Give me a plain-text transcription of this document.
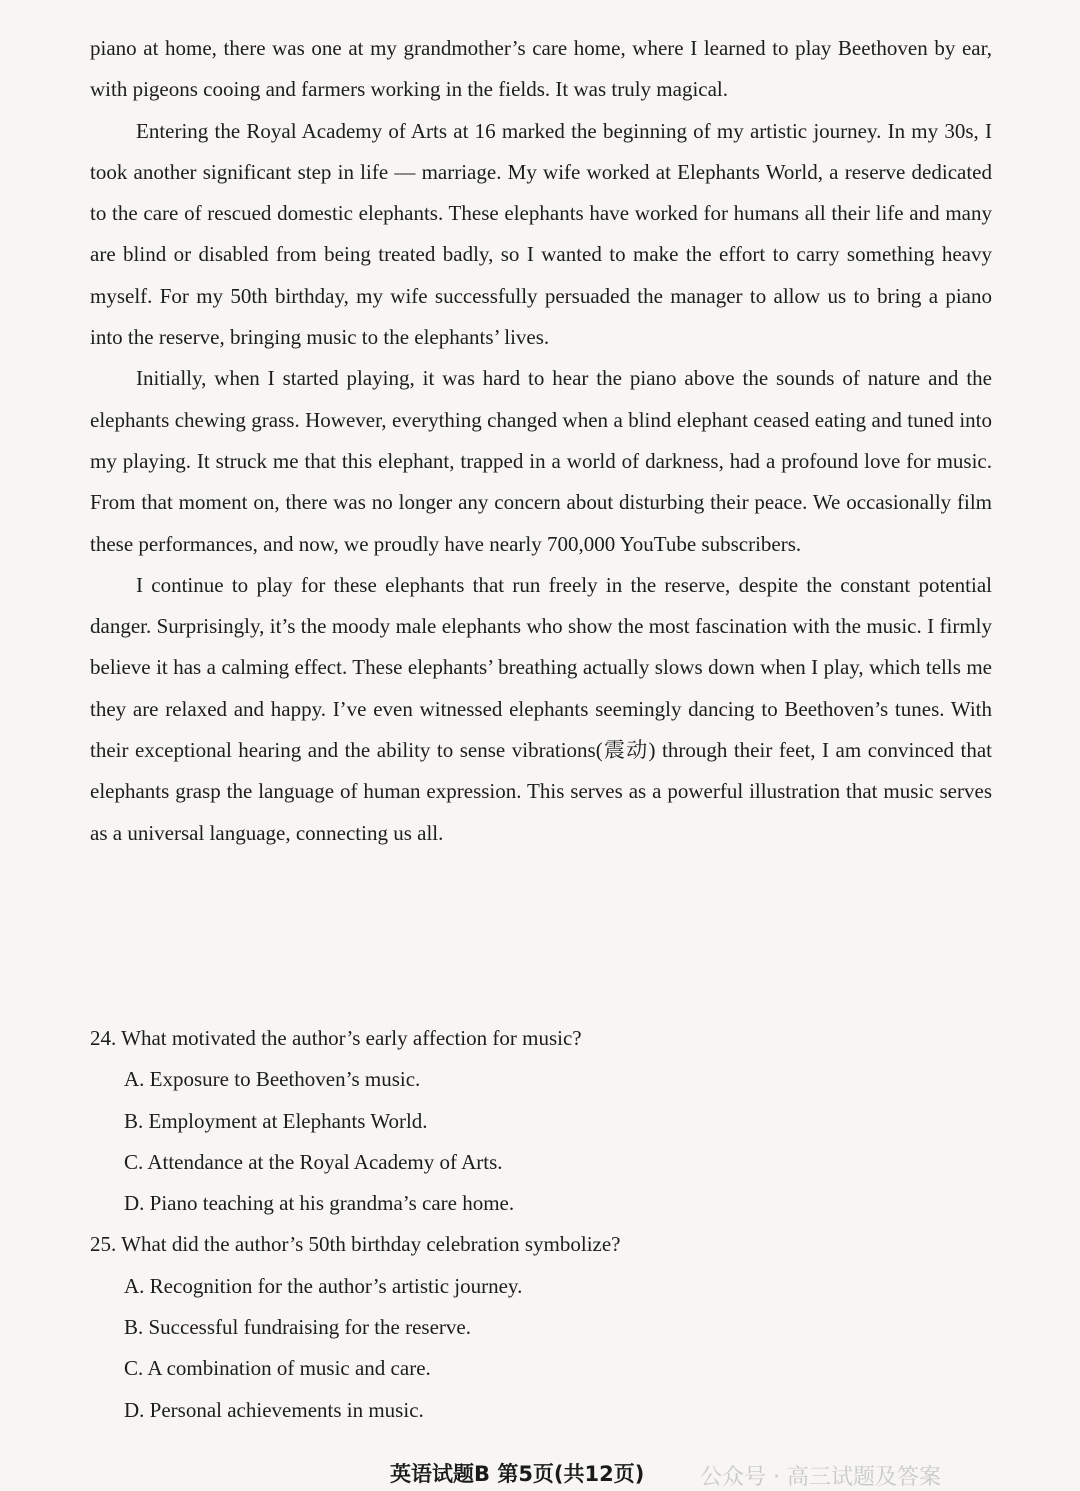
piano at home, there was one at my grandmother’s care home, where I learned to play Beethoven by ear, with pigeons cooing and farmers working in the fields. It was truly magical.

Entering the Royal Academy of Arts at 16 marked the beginning of my artistic journey. In my 30s, I took another significant step in life — marriage. My wife worked at Elephants World, a reserve dedicated to the care of rescued domestic elephants. These elephants have worked for humans all their life and many are blind or disabled from being treated badly, so I wanted to make the effort to carry something heavy myself. For my 50th birthday, my wife successfully persuaded the manager to allow us to bring a piano into the reserve, bringing music to the elephants’ lives.

Initially, when I started playing, it was hard to hear the piano above the sounds of nature and the elephants chewing grass. However, everything changed when a blind elephant ceased eating and tuned into my playing. It struck me that this elephant, trapped in a world of darkness, had a profound love for music. From that moment on, there was no longer any concern about disturbing their peace. We occasionally film these performances, and now, we proudly have nearly 700,000 YouTube subscribers.

I continue to play for these elephants that run freely in the reserve, despite the constant potential danger. Surprisingly, it’s the moody male elephants who show the most fascination with the music. I firmly believe it has a calming effect. These elephants’ breathing actually slows down when I play, which tells me they are relaxed and happy. I’ve even witnessed elephants seemingly dancing to Beethoven’s tunes. With their exceptional hearing and the ability to sense vibrations(震动) through their feet, I am convinced that elephants grasp the language of human expression. This serves as a powerful illustration that music serves as a universal language, connecting us all.

24. What motivated the author’s early affection for music?

A. Exposure to Beethoven’s music.

B. Employment at Elephants World.

C. Attendance at the Royal Academy of Arts.

D. Piano teaching at his grandma’s care home.

25. What did the author’s 50th birthday celebration symbolize?

A. Recognition for the author’s artistic journey.

B. Successful fundraising for the reserve.

C. A combination of music and care.

D. Personal achievements in music.

英语试题B 第5页(共12页)	公众号 · 高三试题及答案
